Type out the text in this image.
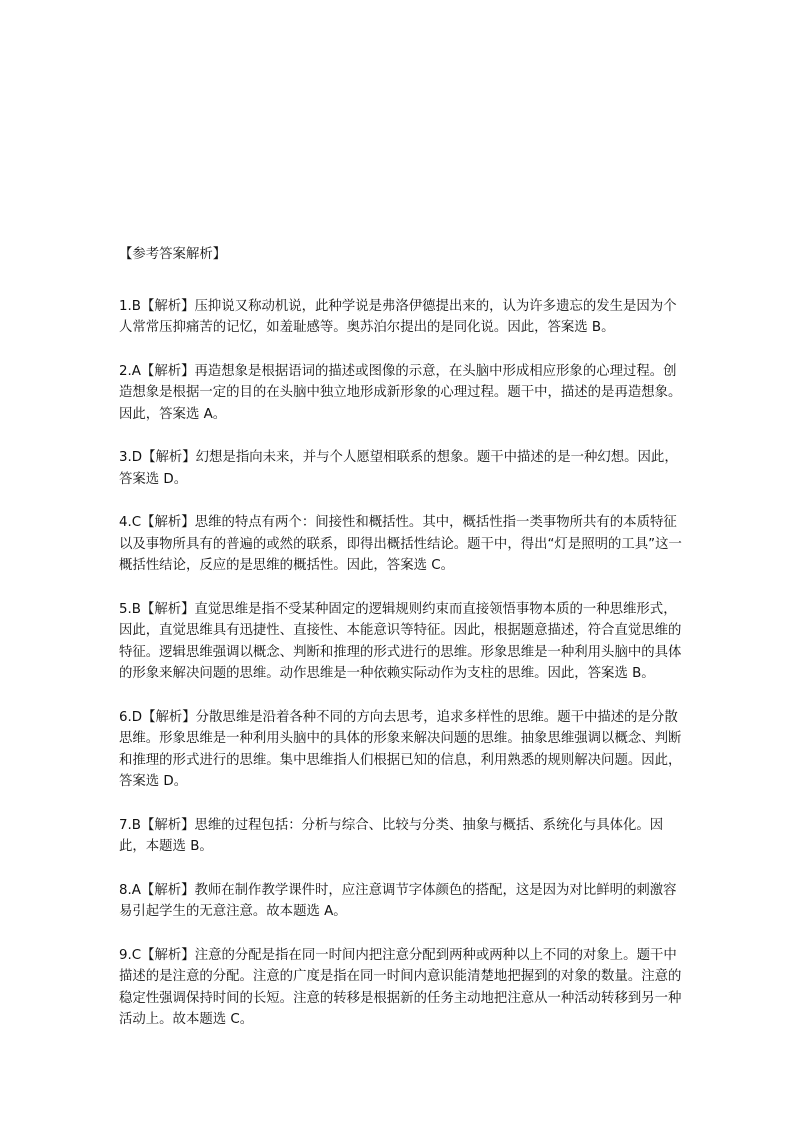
【参考答案解析】

1.B【解析】压抑说又称动机说，此种学说是弗洛伊德提出来的，认为许多遗忘的发生是因为个人常常压抑痛苦的记忆，如羞耻感等。奥苏泊尔提出的是同化说。因此，答案选 B。

2.A【解析】再造想象是根据语词的描述或图像的示意，在头脑中形成相应形象的心理过程。创造想象是根据一定的目的在头脑中独立地形成新形象的心理过程。题干中，描述的是再造想象。因此，答案选 A。

3.D【解析】幻想是指向未来，并与个人愿望相联系的想象。题干中描述的是一种幻想。因此，答案选 D。

4.C【解析】思维的特点有两个：间接性和概括性。其中，概括性指一类事物所共有的本质特征以及事物所具有的普遍的或然的联系，即得出概括性结论。题干中，得出“灯是照明的工具”这一概括性结论，反应的是思维的概括性。因此，答案选 C。

5.B【解析】直觉思维是指不受某种固定的逻辑规则约束而直接领悟事物本质的一种思维形式，因此，直觉思维具有迅捷性、直接性、本能意识等特征。因此，根据题意描述，符合直觉思维的特征。逻辑思维强调以概念、判断和推理的形式进行的思维。形象思维是一种利用头脑中的具体的形象来解决问题的思维。动作思维是一种依赖实际动作为支柱的思维。因此，答案选 B。

6.D【解析】分散思维是沿着各种不同的方向去思考，追求多样性的思维。题干中描述的是分散思维。形象思维是一种利用头脑中的具体的形象来解决问题的思维。抽象思维强调以概念、判断和推理的形式进行的思维。集中思维指人们根据已知的信息，利用熟悉的规则解决问题。因此，答案选 D。

7.B【解析】思维的过程包括：分析与综合、比较与分类、抽象与概括、系统化与具体化。因此，本题选 B。

8.A【解析】教师在制作教学课件时，应注意调节字体颜色的搭配，这是因为对比鲜明的刺激容易引起学生的无意注意。故本题选 A。

9.C【解析】注意的分配是指在同一时间内把注意分配到两种或两种以上不同的对象上。题干中描述的是注意的分配。注意的广度是指在同一时间内意识能清楚地把握到的对象的数量。注意的稳定性强调保持时间的长短。注意的转移是根据新的任务主动地把注意从一种活动转移到另一种活动上。故本题选 C。
